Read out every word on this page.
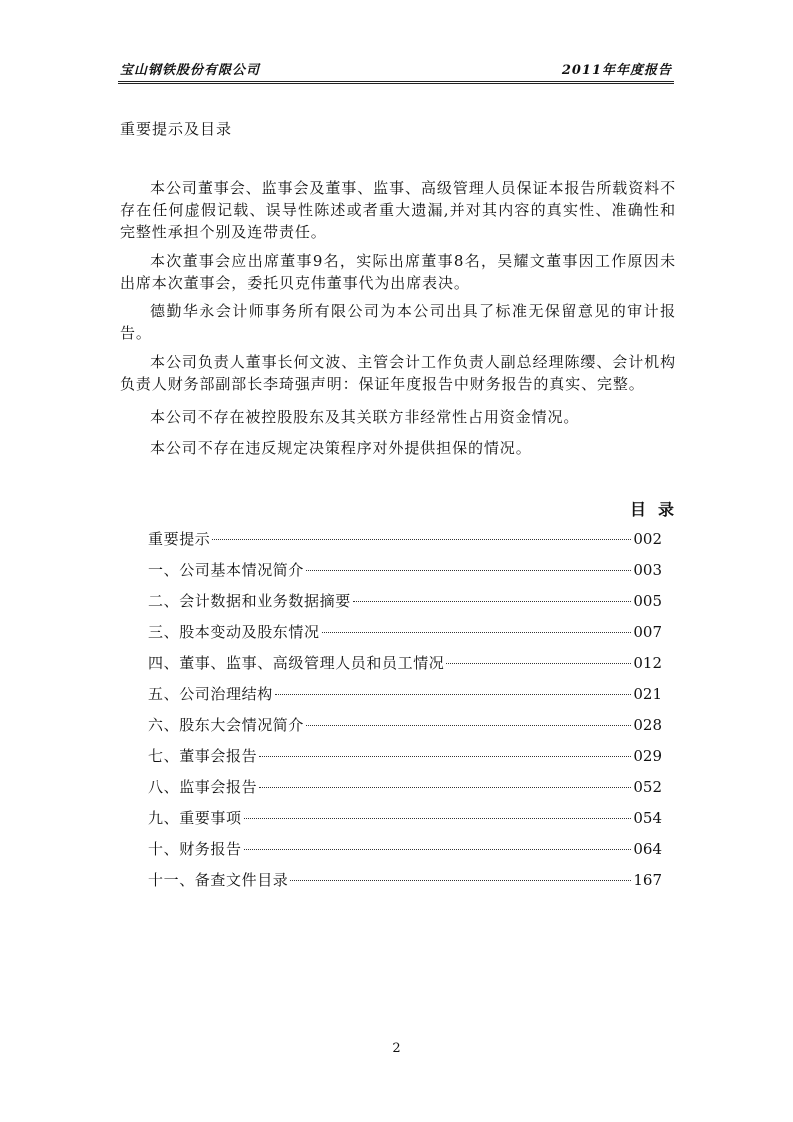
宝山钢铁股份有限公司	2011年年度报告
重要提示及目录

本公司董事会、监事会及董事、监事、高级管理人员保证本报告所载资料不存在任何虚假记载、误导性陈述或者重大遗漏,并对其内容的真实性、准确性和完整性承担个别及连带责任。

本次董事会应出席董事9名，实际出席董事8名，吴耀文董事因工作原因未出席本次董事会，委托贝克伟董事代为出席表决。

德勤华永会计师事务所有限公司为本公司出具了标准无保留意见的审计报告。

本公司负责人董事长何文波、主管会计工作负责人副总经理陈缨、会计机构负责人财务部副部长李琦强声明：保证年度报告中财务报告的真实、完整。

本公司不存在被控股股东及其关联方非经常性占用资金情况。

本公司不存在违反规定决策程序对外提供担保的情况。

目录
重要提示	002
一、公司基本情况简介	003
二、会计数据和业务数据摘要	005
三、股本变动及股东情况	007
四、董事、监事、高级管理人员和员工情况	012
五、公司治理结构	021
六、股东大会情况简介	028
七、董事会报告	029
八、监事会报告	052
九、重要事项	054
十、财务报告	064
十一、备查文件目录	167
2
